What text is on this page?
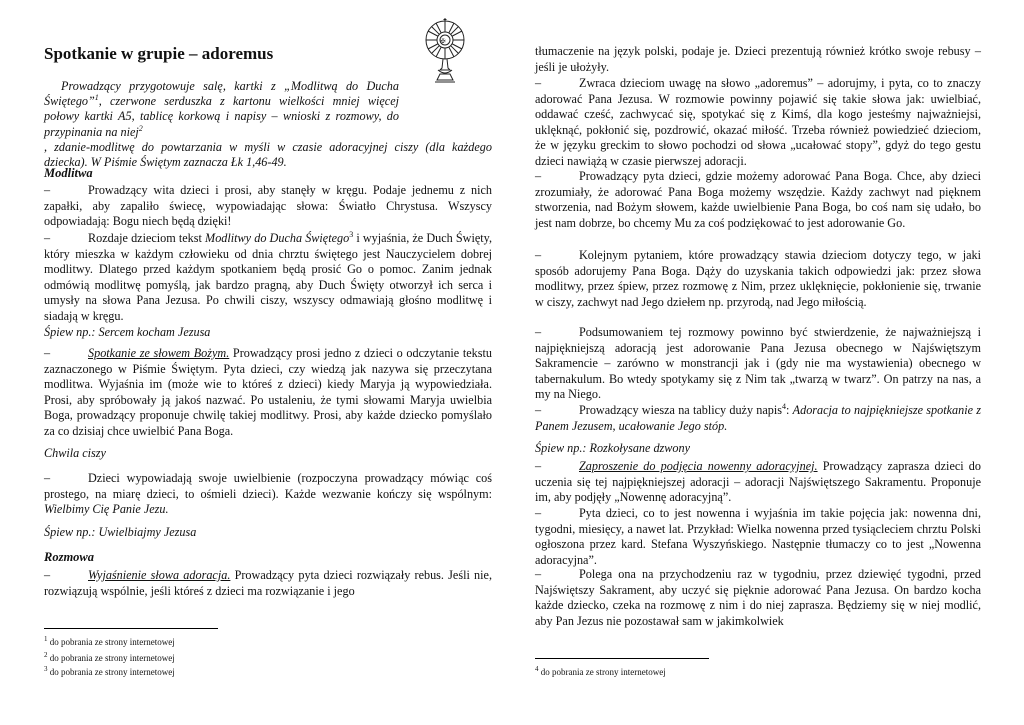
Spotkanie w grupie – adoremus
✠

Prowadzący przygotowuje salę, kartki z „Modlitwą do Ducha Świętego”$^1$, czerwone serduszka z kartonu wielkości mniej więcej połowy kartki A5, tablicę korkową i napisy – wnioski z rozmowy, do przypinania na niej$^2$
, zdanie-modlitwę do powtarzania w myśli w czasie adoracyjnej ciszy (dla każdego dziecka). W Piśmie Świętym zaznacza Łk 1,46-49.

Modlitwa

–	Prowadzący wita dzieci i prosi, aby stanęły w kręgu. Podaje jednemu z nich zapałki, aby zapaliło świecę, wypowiadając słowa: Światło Chrystusa. Wszyscy odpowiadają: Bogu niech będą dzięki!

–	Rozdaje dzieciom tekst Modlitwy do Ducha Świętego$^3$ i wyjaśnia, że Duch Święty, który mieszka w każdym człowieku od dnia chrztu świętego jest Nauczycielem dobrej modlitwy. Dlatego przed każdym spotkaniem będą prosić Go o pomoc. Zanim jednak odmówią modlitwę pomyślą, jak bardzo pragną, aby Duch Święty otworzył ich serca i umysły na słowa Pana Jezusa. Po chwili ciszy, wszyscy odmawiają głośno modlitwę i siadają w kręgu.

Śpiew np.: Sercem kocham Jezusa

–	Spotkanie ze słowem Bożym. Prowadzący prosi jedno z dzieci o odczytanie tekstu zaznaczonego w Piśmie Świętym. Pyta dzieci, czy wiedzą jak nazywa się przeczytana modlitwa. Wyjaśnia im (może wie to któreś z dzieci) kiedy Maryja ją wypowiedziała. Prosi, aby spróbowały ją jakoś nazwać. Po ustaleniu, że tymi słowami Maryja uwielbia Boga, prowadzący proponuje chwilę takiej modlitwy. Prosi, aby każde dziecko pomyślało za co dzisiaj chce uwielbić Pana Boga.

Chwila ciszy

–	Dzieci wypowiadają swoje uwielbienie (rozpoczyna prowadzący mówiąc coś prostego, na miarę dzieci, to ośmieli dzieci). Każde wezwanie kończy się wspólnym: Wielbimy Cię Panie Jezu.

Śpiew np.: Uwielbiajmy Jezusa

Rozmowa

–	Wyjaśnienie słowa adoracja. Prowadzący pyta dzieci rozwiązały rebus. Jeśli nie, rozwiązują wspólnie, jeśli któreś z dzieci ma rozwiązanie i jego

$^1$ do pobrania ze strony internetowej
$^2$ do pobrania ze strony internetowej
$^3$ do pobrania ze strony internetowej

tłumaczenie na język polski, podaje je. Dzieci prezentują również krótko swoje rebusy – jeśli je ułożyły.

–	Zwraca dzieciom uwagę na słowo „adoremus” – adorujmy, i pyta, co to znaczy adorować Pana Jezusa. W rozmowie powinny pojawić się takie słowa jak: uwielbiać, oddawać cześć, zachwycać się, spotykać się z Kimś, dla kogo jesteśmy najważniejsi, uklęknąć, pokłonić się, pozdrowić, okazać miłość. Trzeba również powiedzieć dzieciom, że w języku greckim to słowo pochodzi od słowa „ucałować stopy”, gdyż do tego gestu dzieci nawiążą w czasie pierwszej adoracji.

–	Prowadzący pyta dzieci, gdzie możemy adorować Pana Boga. Chce, aby dzieci zrozumiały, że adorować Pana Boga możemy wszędzie. Każdy zachwyt nad pięknem stworzenia, nad Bożym słowem, każde uwielbienie Pana Boga, bo coś nam się udało, bo jest nam dobrze, bo chcemy Mu za coś podziękować to jest adorowanie Go.

–	Kolejnym pytaniem, które prowadzący stawia dzieciom dotyczy tego, w jaki sposób adorujemy Pana Boga. Dąży do uzyskania takich odpowiedzi jak: przez słowa modlitwy, przez śpiew, przez rozmowę z Nim, przez uklęknięcie, pokłonienie się, trwanie w ciszy, zachwyt nad Jego dziełem np. przyrodą, nad Jego miłością.

–	Podsumowaniem tej rozmowy powinno być stwierdzenie, że najważniejszą i najpiękniejszą adoracją jest adorowanie Pana Jezusa obecnego w Najświętszym Sakramencie – zarówno w monstrancji jak i (gdy nie ma wystawienia) obecnego w tabernakulum. Bo wtedy spotykamy się z Nim tak „twarzą w twarz”. On patrzy na nas, a my na Niego.

–	Prowadzący wiesza na tablicy duży napis$^4$: Adoracja to najpiękniejsze spotkanie z Panem Jezusem, ucałowanie Jego stóp.

Śpiew np.: Rozkołysane dzwony

–	Zaproszenie do podjęcia nowenny adoracyjnej. Prowadzący zaprasza dzieci do uczenia się tej najpiękniejszej adoracji – adoracji Najświętszego Sakramentu. Proponuje im, aby podjęły „Nowennę adoracyjną”.

–	Pyta dzieci, co to jest nowenna i wyjaśnia im takie pojęcia jak: nowenna dni, tygodni, miesięcy, a nawet lat. Przykład: Wielka nowenna przed tysiącleciem chrztu Polski ogłoszona przez kard. Stefana Wyszyńskiego. Następnie tłumaczy co to jest „Nowenna adoracyjna”.

–	Polega ona na przychodzeniu raz w tygodniu, przez dziewięć tygodni, przed Najświętszy Sakrament, aby uczyć się pięknie adorować Pana Jezusa. On bardzo kocha każde dziecko, czeka na rozmowę z nim i do niej zaprasza. Będziemy się w niej modlić, aby Pan Jezus nie pozostawał sam w jakimkolwiek

$^4$ do pobrania ze strony internetowej
